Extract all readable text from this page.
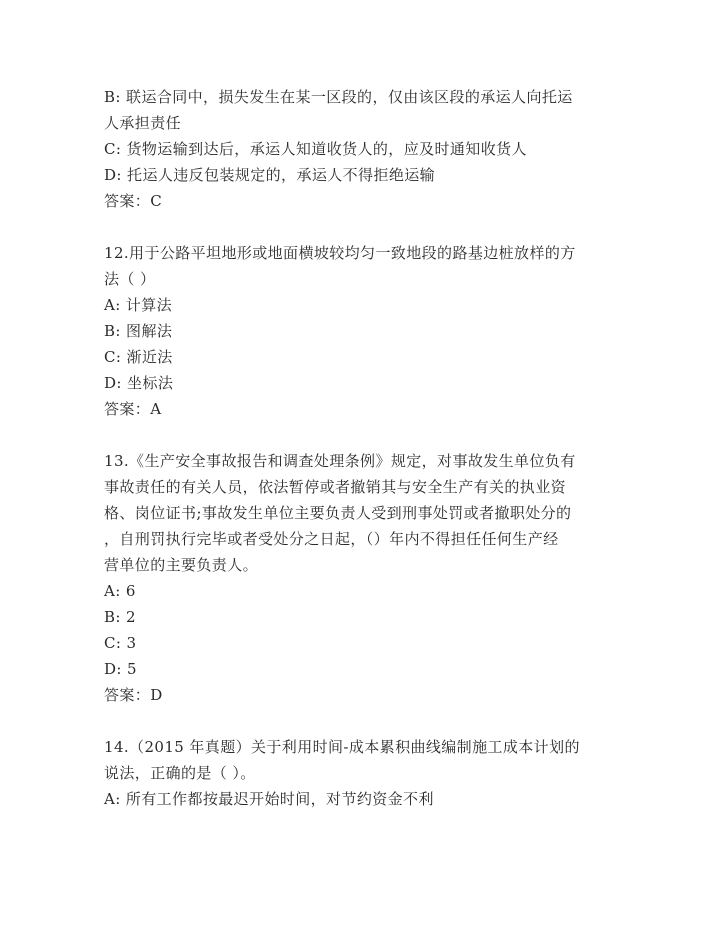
B: 联运合同中，损失发生在某一区段的，仅由该区段的承运人向托运
人承担责任
C: 货物运输到达后，承运人知道收货人的，应及时通知收货人
D: 托运人违反包装规定的，承运人不得拒绝运输
答案：C
12.用于公路平坦地形或地面横坡较均匀一致地段的路基边桩放样的方
法（ ）
A: 计算法
B: 图解法
C: 渐近法
D: 坐标法
答案：A
13.《生产安全事故报告和调查处理条例》规定，对事故发生单位负有
事故责任的有关人员，依法暂停或者撤销其与安全生产有关的执业资
格、岗位证书;事故发生单位主要负责人受到刑事处罚或者撤职处分的
，自刑罚执行完毕或者受处分之日起，（）年内不得担任任何生产经
营单位的主要负责人。
A: 6
B: 2
C: 3
D: 5
答案：D
14.（2015 年真题）关于利用时间-成本累积曲线编制施工成本计划的
说法，正确的是（ ）。
A: 所有工作都按最迟开始时间，对节约资金不利
